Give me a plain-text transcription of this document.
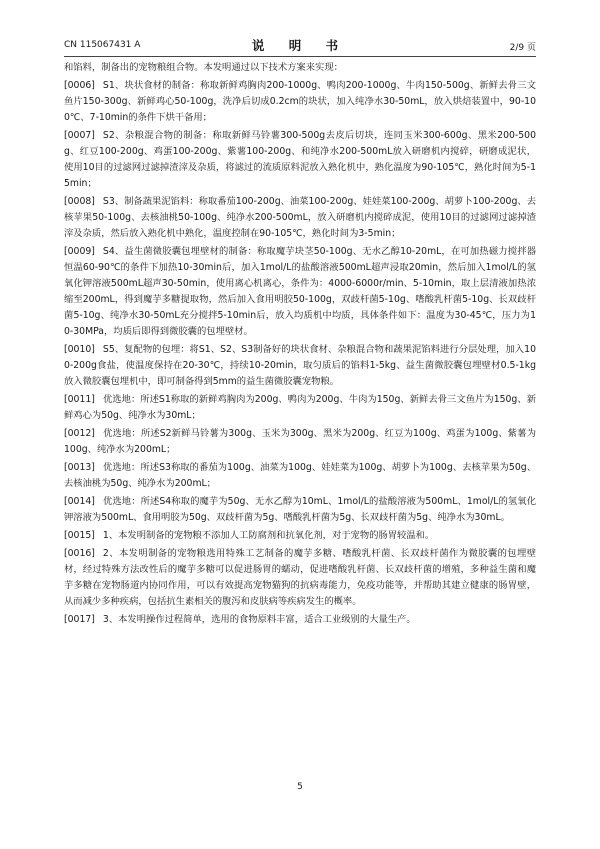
CN 115067431 A	说 明 书	2/9 页

和馅料，制备出的宠物粮组合物。本发明通过以下技术方案来实现：

[0006] S1、块状食材的制备：称取新鲜鸡胸肉200-1000g、鸭肉200-1000g、牛肉150-500g、新鲜去骨三文鱼片150-300g、新鲜鸡心50-100g，洗净后切成0.2cm的块状，加入纯净水30-50mL，放入烘焙装置中，90-100℃、7-10min的条件下烘干备用；

[0007] S2、杂粮混合物的制备：称取新鲜马铃薯300-500g去皮后切块，连同玉米300-600g、黑米200-500g、红豆100-200g、鸡蛋100-200g、紫薯100-200g、和纯净水200-500mL放入研磨机内搅碎，研磨成泥状，使用10目的过滤网过滤掉渣滓及杂质，将滤过的流质原料泥放入熟化机中，熟化温度为90-105℃，熟化时间为5-15min；

[0008] S3、制备蔬果泥馅料：称取番茄100-200g、油菜100-200g、娃娃菜100-200g、胡萝卜100-200g、去核苹果50-100g、去核油桃50-100g、纯净水200-500mL，放入研磨机内搅碎成泥，使用10目的过滤网过滤掉渣滓及杂质，然后放入熟化机中熟化，温度控制在90-105℃，熟化时间为3-5min；

[0009] S4、益生菌微胶囊包埋壁材的制备：称取魔芋块茎50-100g、无水乙醇10-20mL，在可加热磁力搅拌器恒温60-90℃的条件下加热10-30min后，加入1mol/L的盐酸溶液500mL超声浸取20min，然后加入1mol/L的氢氧化钾溶液500mL超声30-50min，使用离心机离心，条件为：4000-6000r/min、5-10min，取上层清液加热浓缩至200mL，得到魔芋多糖提取物，然后加入食用明胶50-100g，双歧杆菌5-10g、嗜酸乳杆菌5-10g、长双歧杆菌5-10g、纯净水30-50mL充分搅拌5-10min后，放入均质机中均质，具体条件如下：温度为30-45℃，压力为10-30MPa，均质后即得到微胶囊的包埋壁材。

[0010] S5、复配物的包埋：将S1、S2、S3制备好的块状食材、杂粮混合物和蔬果泥馅料进行分层处理，加入100-200g食盐，使温度保持在20-30℃，持续10-20min，取匀质后的馅料1-5kg、益生菌微胶囊包埋壁材0.5-1kg放入微胶囊包埋机中，即可制备得到5mm的益生菌微胶囊宠物粮。

[0011] 优选地：所述S1称取的新鲜鸡胸肉为200g、鸭肉为200g、牛肉为150g、新鲜去骨三文鱼片为150g、新鲜鸡心为50g、纯净水为30mL；

[0012] 优选地：所述S2新鲜马铃薯为300g、玉米为300g、黑米为200g、红豆为100g、鸡蛋为100g、紫薯为100g、纯净水为200mL；

[0013] 优选地：所述S3称取的番茄为100g、油菜为100g、娃娃菜为100g、胡萝卜为100g、去核苹果为50g、去核油桃为50g、纯净水为200mL；

[0014] 优选地：所述S4称取的魔芋为50g、无水乙醇为10mL、1mol/L的盐酸溶液为500mL、1mol/L的氢氧化钾溶液为500mL、食用明胶为50g、双歧杆菌为5g、嗜酸乳杆菌为5g、长双歧杆菌为5g、纯净水为30mL。

[0015] 1、本发明制备的宠物粮不添加人工防腐剂和抗氧化剂，对于宠物的肠胃较温和。

[0016] 2、本发明制备的宠物粮选用特殊工艺制备的魔芋多糖、嗜酸乳杆菌、长双歧杆菌作为微胶囊的包埋壁材，经过特殊方法改性后的魔芋多糖可以促进肠胃的蠕动，促进嗜酸乳杆菌、长双歧杆菌的增殖，多种益生菌和魔芋多糖在宠物肠道内协同作用，可以有效提高宠物猫狗的抗病毒能力，免疫功能等，并帮助其建立健康的肠胃壁，从而减少多种疾病，包括抗生素相关的腹泻和皮肤病等疾病发生的概率。

[0017] 3、本发明操作过程简单，选用的食物原料丰富，适合工业级别的大量生产。

5
